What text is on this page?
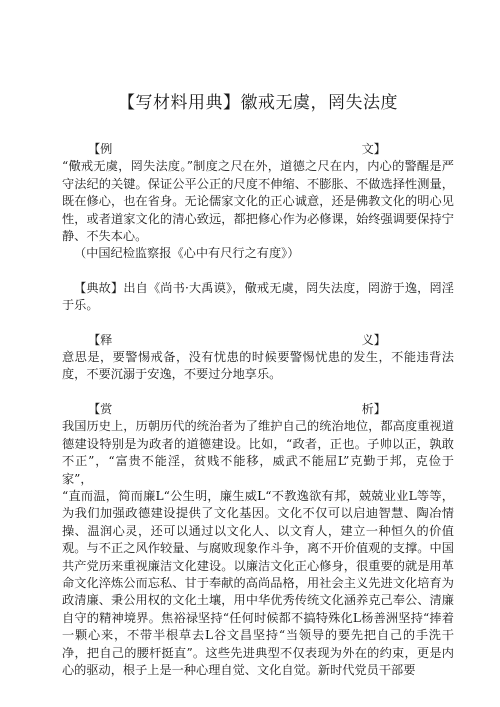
【写材料用典】徽戒无虞，罔失法度
【例	文】

“儆戒无虞，罔失法度。”制度之尺在外，道德之尺在内，内心的警醒是严守法纪的关键。保证公平公正的尺度不伸缩、不膨胀、不做选择性测量，既在修心，也在省身。无论儒家文化的正心诚意，还是佛教文化的明心见性，或者道家文化的清心致远，都把修心作为必修课，始终强调要保持宁静、不失本心。

（中国纪检监察报《心中有尺行之有度》）

【典故】出自《尚书·大禹谟》，儆戒无虞，罔失法度，罔游于逸，罔淫于乐。

【释	义】

意思是，要警惕戒备，没有忧患的时候要警惕忧患的发生，不能违背法度，不要沉溺于安逸，不要过分地享乐。

【赏	析】

我国历史上，历朝历代的统治者为了维护自己的统治地位，都高度重视道德建设特别是为政者的道德建设。比如，“政者，正也。子帅以正，孰敢不正”，“富贵不能淫，贫贱不能移，威武不能屈L”克勤于邦，克俭于家”，

“直而温，简而廉L“公生明，廉生威L“不教逸欲有邦，兢兢业业L等等，为我们加强政德建设提供了文化基因。文化不仅可以启迪智慧、陶冶情操、温润心灵，还可以通过以文化人、以文育人，建立一种恒久的价值观。与不正之风作较量、与腐败现象作斗争，离不开价值观的支撑。中国共产党历来重视廉洁文化建设。以廉洁文化正心修身，很重要的就是用革命文化淬炼公而忘私、甘于奉献的高尚品格，用社会主义先进文化培育为政清廉、秉公用权的文化土壤，用中华优秀传统文化涵养克己奉公、清廉自守的精神境界。焦裕禄坚持“任何时候都不搞特殊化L杨善洲坚持“捧着一颗心来，不带半根草去L谷文昌坚持“当领导的要先把自己的手洗干净，把自己的腰杆挺直”。这些先进典型不仅表现为外在的约束，更是内心的驱动，根子上是一种心理自觉、文化自觉。新时代党员干部要
